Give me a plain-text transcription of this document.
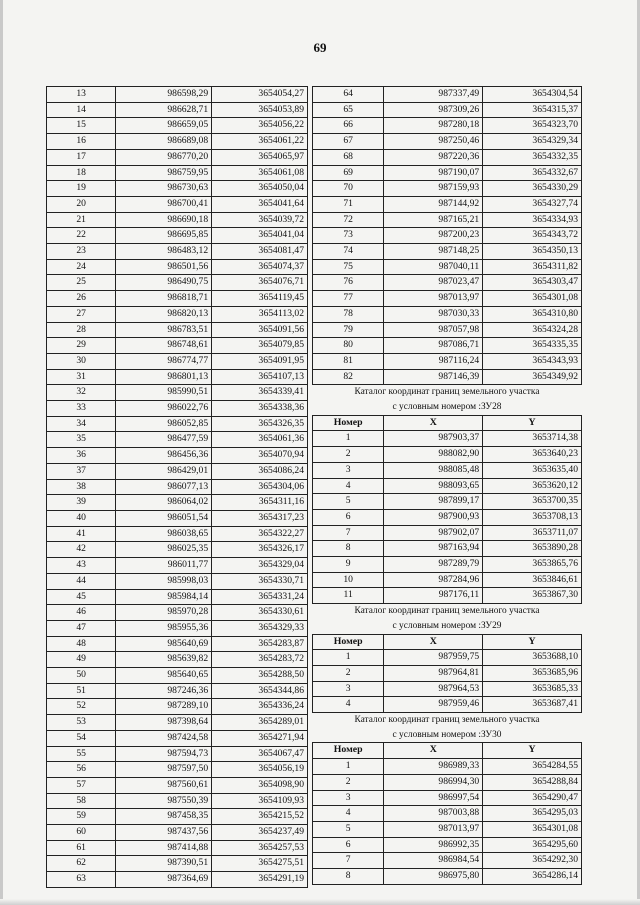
69
13	986598,29	3654054,27
14	986628,71	3654053,89
15	986659,05	3654056,22
16	986689,08	3654061,22
17	986770,20	3654065,97
18	986759,95	3654061,08
19	986730,63	3654050,04
20	986700,41	3654041,64
21	986690,18	3654039,72
22	986695,85	3654041,04
23	986483,12	3654081,47
24	986501,56	3654074,37
25	986490,75	3654076,71
26	986818,71	3654119,45
27	986820,13	3654113,02
28	986783,51	3654091,56
29	986748,61	3654079,85
30	986774,77	3654091,95
31	986801,13	3654107,13
32	985990,51	3654339,41
33	986022,76	3654338,36
34	986052,85	3654326,35
35	986477,59	3654061,36
36	986456,36	3654070,94
37	986429,01	3654086,24
38	986077,13	3654304,06
39	986064,02	3654311,16
40	986051,54	3654317,23
41	986038,65	3654322,27
42	986025,35	3654326,17
43	986011,77	3654329,04
44	985998,03	3654330,71
45	985984,14	3654331,24
46	985970,28	3654330,61
47	985955,36	3654329,33
48	985640,69	3654283,87
49	985639,82	3654283,72
50	985640,65	3654288,50
51	987246,36	3654344,86
52	987289,10	3654336,24
53	987398,64	3654289,01
54	987424,58	3654271,94
55	987594,73	3654067,47
56	987597,50	3654056,19
57	987560,61	3654098,90
58	987550,39	3654109,93
59	987458,35	3654215,52
60	987437,56	3654237,49
61	987414,88	3654257,53
62	987390,51	3654275,51
63	987364,69	3654291,19
64	987337,49	3654304,54
65	987309,26	3654315,37
66	987280,18	3654323,70
67	987250,46	3654329,34
68	987220,36	3654332,35
69	987190,07	3654332,67
70	987159,93	3654330,29
71	987144,92	3654327,74
72	987165,21	3654334,93
73	987200,23	3654343,72
74	987148,25	3654350,13
75	987040,11	3654311,82
76	987023,47	3654303,47
77	987013,97	3654301,08
78	987030,33	3654310,80
79	987057,98	3654324,28
80	987086,71	3654335,35
81	987116,24	3654343,93
82	987146,39	3654349,92
Каталог координат границ земельного участка
с условным номером :ЗУ28
Номер	X	Y
1	987903,37	3653714,38
2	988082,90	3653640,23
3	988085,48	3653635,40
4	988093,65	3653620,12
5	987899,17	3653700,35
6	987900,93	3653708,13
7	987902,07	3653711,07
8	987163,94	3653890,28
9	987289,79	3653865,76
10	987284,96	3653846,61
11	987176,11	3653867,30
Каталог координат границ земельного участка
с условным номером :ЗУ29
Номер	X	Y
1	987959,75	3653688,10
2	987964,81	3653685,96
3	987964,53	3653685,33
4	987959,46	3653687,41
Каталог координат границ земельного участка
с условным номером :ЗУ30
Номер	X	Y
1	986989,33	3654284,55
2	986994,30	3654288,84
3	986997,54	3654290,47
4	987003,88	3654295,03
5	987013,97	3654301,08
6	986992,35	3654295,60
7	986984,54	3654292,30
8	986975,80	3654286,14
